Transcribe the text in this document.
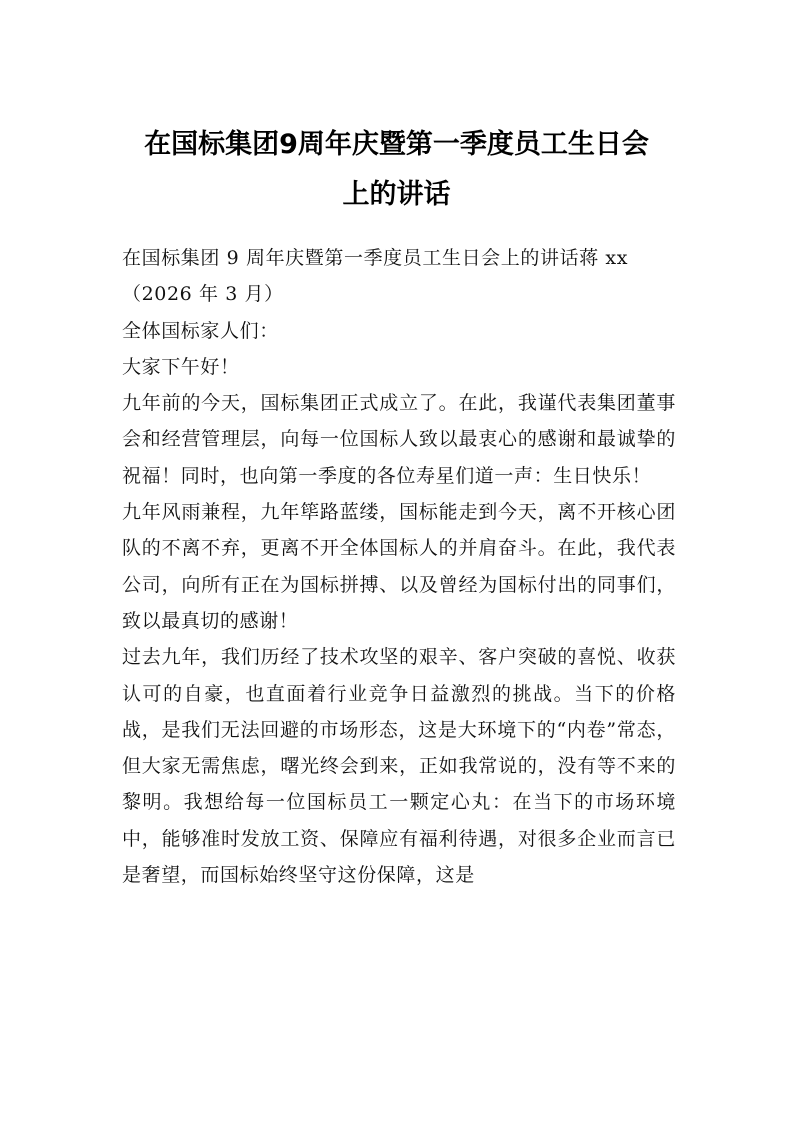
在国标集团9周年庆暨第一季度员工生日会
上的讲话

在国标集团 9 周年庆暨第一季度员工生日会上的讲话蒋 xx

（2026 年 3 月）

全体国标家人们：

大家下午好！

九年前的今天，国标集团正式成立了。在此，我谨代表集团董事会和经营管理层，向每一位国标人致以最衷心的感谢和最诚挚的祝福！同时，也向第一季度的各位寿星们道一声：生日快乐！

九年风雨兼程，九年筚路蓝缕，国标能走到今天，离不开核心团队的不离不弃，更离不开全体国标人的并肩奋斗。在此，我代表公司，向所有正在为国标拼搏、以及曾经为国标付出的同事们，致以最真切的感谢！

过去九年，我们历经了技术攻坚的艰辛、客户突破的喜悦、收获认可的自豪，也直面着行业竞争日益激烈的挑战。当下的价格战，是我们无法回避的市场形态，这是大环境下的“内卷”常态，但大家无需焦虑，曙光终会到来，正如我常说的，没有等不来的黎明。我想给每一位国标员工一颗定心丸：在当下的市场环境中，能够准时发放工资、保障应有福利待遇，对很多企业而言已是奢望，而国标始终坚守这份保障，这是
